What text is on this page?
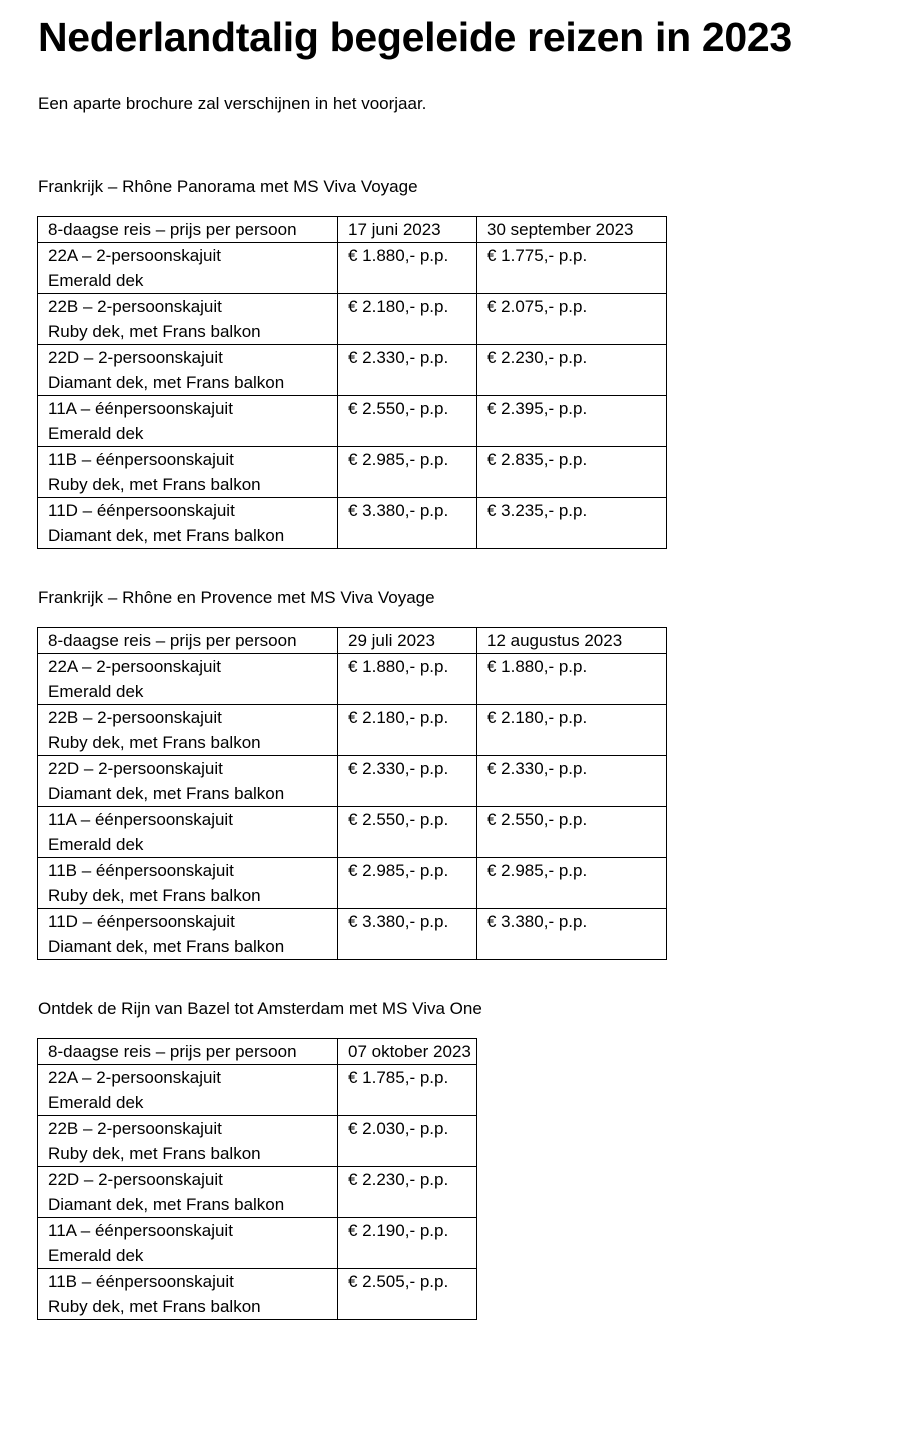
Nederlandtalig begeleide reizen in 2023

Een aparte brochure zal verschijnen in het voorjaar.

Frankrijk – Rhône Panorama met MS Viva Voyage

8-daagse reis – prijs per persoon	17 juni 2023	30 september 2023

22A – 2-persoonskajuit
Emerald dek	€ 1.880,- p.p.	€ 1.775,- p.p.

22B – 2-persoonskajuit
Ruby dek, met Frans balkon	€ 2.180,- p.p.	€ 2.075,- p.p.

22D – 2-persoonskajuit
Diamant dek, met Frans balkon	€ 2.330,- p.p.	€ 2.230,- p.p.

11A – éénpersoonskajuit
Emerald dek	€ 2.550,- p.p.	€ 2.395,- p.p.

11B – éénpersoonskajuit
Ruby dek, met Frans balkon	€ 2.985,- p.p.	€ 2.835,- p.p.

11D – éénpersoonskajuit
Diamant dek, met Frans balkon	€ 3.380,- p.p.	€ 3.235,- p.p.

Frankrijk – Rhône en Provence met MS Viva Voyage

8-daagse reis – prijs per persoon	29 juli 2023	12 augustus 2023

22A – 2-persoonskajuit
Emerald dek	€ 1.880,- p.p.	€ 1.880,- p.p.

22B – 2-persoonskajuit
Ruby dek, met Frans balkon	€ 2.180,- p.p.	€ 2.180,- p.p.

22D – 2-persoonskajuit
Diamant dek, met Frans balkon	€ 2.330,- p.p.	€ 2.330,- p.p.

11A – éénpersoonskajuit
Emerald dek	€ 2.550,- p.p.	€ 2.550,- p.p.

11B – éénpersoonskajuit
Ruby dek, met Frans balkon	€ 2.985,- p.p.	€ 2.985,- p.p.

11D – éénpersoonskajuit
Diamant dek, met Frans balkon	€ 3.380,- p.p.	€ 3.380,- p.p.

Ontdek de Rijn van Bazel tot Amsterdam met MS Viva One

8-daagse reis – prijs per persoon	07 oktober 2023

22A – 2-persoonskajuit
Emerald dek	€ 1.785,- p.p.

22B – 2-persoonskajuit
Ruby dek, met Frans balkon	€ 2.030,- p.p.

22D – 2-persoonskajuit
Diamant dek, met Frans balkon	€ 2.230,- p.p.

11A – éénpersoonskajuit
Emerald dek	€ 2.190,- p.p.

11B – éénpersoonskajuit
Ruby dek, met Frans balkon	€ 2.505,- p.p.
